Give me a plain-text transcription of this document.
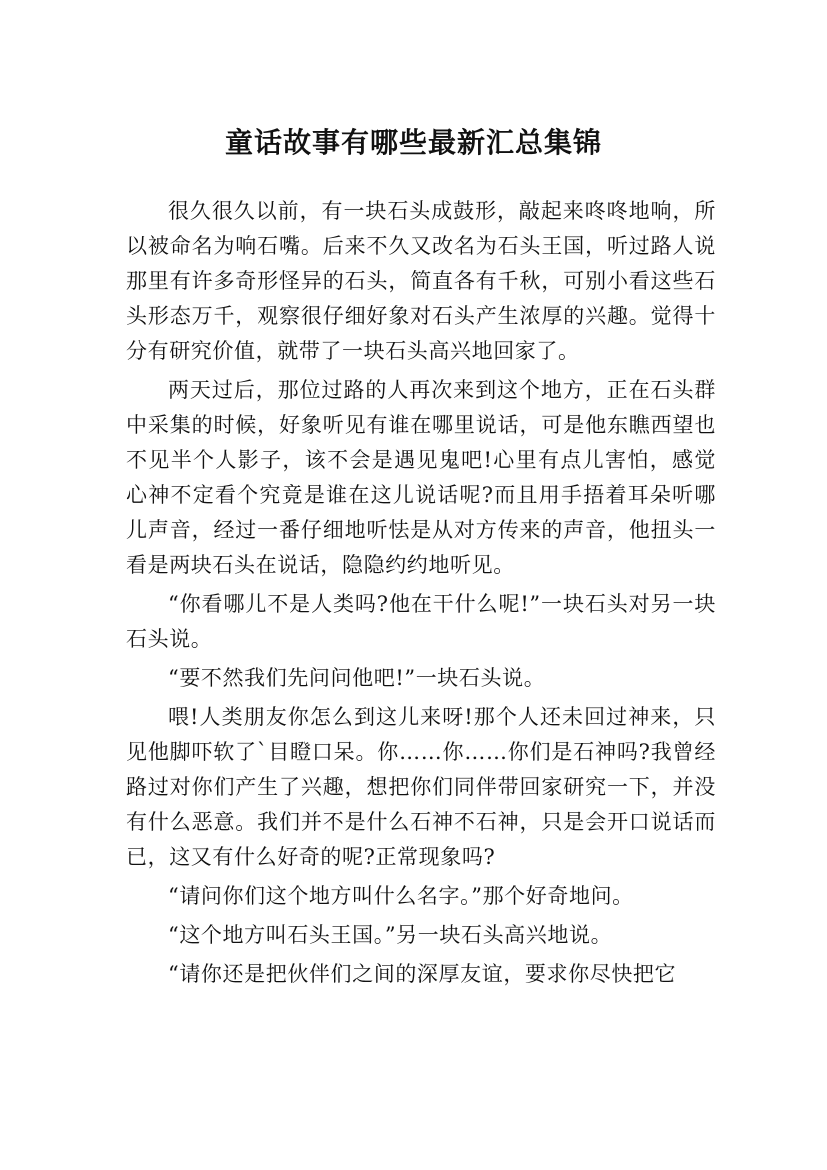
童话故事有哪些最新汇总集锦

很久很久以前，有一块石头成鼓形，敲起来咚咚地响，所以被命名为响石嘴。后来不久又改名为石头王国，听过路人说那里有许多奇形怪异的石头，简直各有千秋，可别小看这些石头形态万千，观察很仔细好象对石头产生浓厚的兴趣。觉得十分有研究价值，就带了一块石头高兴地回家了。

两天过后，那位过路的人再次来到这个地方，正在石头群中采集的时候，好象听见有谁在哪里说话，可是他东瞧西望也不见半个人影子，该不会是遇见鬼吧!心里有点儿害怕，感觉心神不定看个究竟是谁在这儿说话呢?而且用手捂着耳朵听哪儿声音，经过一番仔细地听怯是从对方传来的声音，他扭头一看是两块石头在说话，隐隐约约地听见。

“你看哪儿不是人类吗?他在干什么呢!”一块石头对另一块石头说。

“要不然我们先问问他吧!”一块石头说。

喂!人类朋友你怎么到这儿来呀!那个人还未回过神来，只见他脚吓软了`目瞪口呆。你……你……你们是石神吗?我曾经路过对你们产生了兴趣，想把你们同伴带回家研究一下，并没有什么恶意。我们并不是什么石神不石神，只是会开口说话而已，这又有什么好奇的呢?正常现象吗?

“请问你们这个地方叫什么名字。”那个好奇地问。

“这个地方叫石头王国。”另一块石头高兴地说。

“请你还是把伙伴们之间的深厚友谊，要求你尽快把它
